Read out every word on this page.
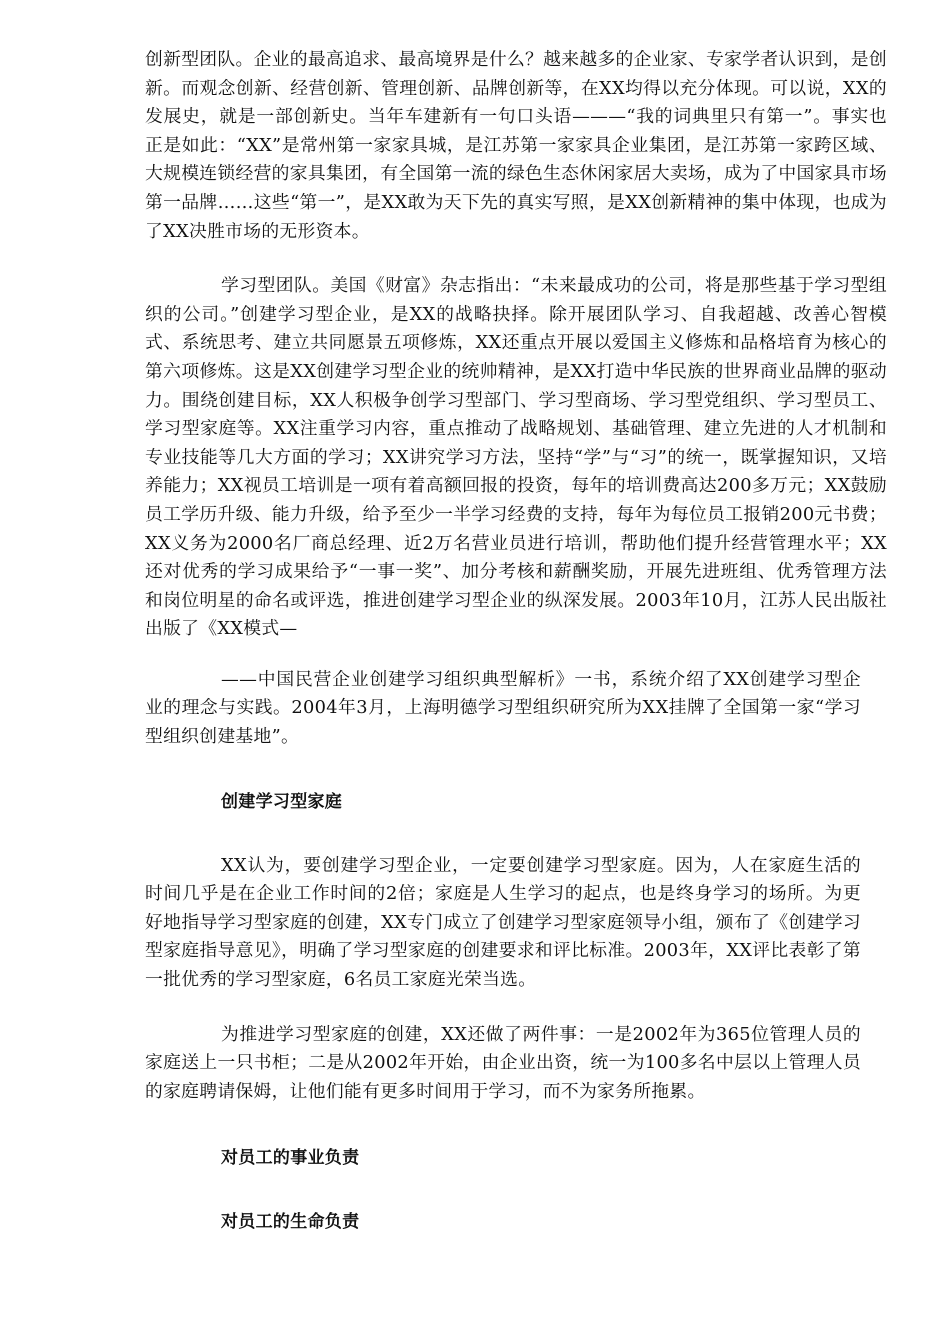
创新型团队。企业的最高追求、最高境界是什么？越来越多的企业家、专家学者认识到，是创新。而观念创新、经营创新、管理创新、品牌创新等，在XX均得以充分体现。可以说，XX的发展史，就是一部创新史。当年车建新有一句口头语———“我的词典里只有第一”。事实也正是如此：“XX”是常州第一家家具城，是江苏第一家家具企业集团，是江苏第一家跨区域、大规模连锁经营的家具集团，有全国第一流的绿色生态休闲家居大卖场，成为了中国家具市场第一品牌……这些“第一”，是XX敢为天下先的真实写照，是XX创新精神的集中体现，也成为了XX决胜市场的无形资本。

学习型团队。美国《财富》杂志指出：“未来最成功的公司，将是那些基于学习型组织的公司。”创建学习型企业，是XX的战略抉择。除开展团队学习、自我超越、改善心智模式、系统思考、建立共同愿景五项修炼，XX还重点开展以爱国主义修炼和品格培育为核心的第六项修炼。这是XX创建学习型企业的统帅精神，是XX打造中华民族的世界商业品牌的驱动力。围绕创建目标，XX人积极争创学习型部门、学习型商场、学习型党组织、学习型员工、学习型家庭等。XX注重学习内容，重点推动了战略规划、基础管理、建立先进的人才机制和专业技能等几大方面的学习；XX讲究学习方法，坚持“学”与“习”的统一，既掌握知识，又培养能力；XX视员工培训是一项有着高额回报的投资，每年的培训费高达200多万元；XX鼓励员工学历升级、能力升级，给予至少一半学习经费的支持，每年为每位员工报销200元书费；XX义务为2000名厂商总经理、近2万名营业员进行培训，帮助他们提升经营管理水平；XX还对优秀的学习成果给予“一事一奖”、加分考核和薪酬奖励，开展先进班组、优秀管理方法和岗位明星的命名或评选，推进创建学习型企业的纵深发展。2003年10月，江苏人民出版社出版了《XX模式—

——中国民营企业创建学习组织典型解析》一书，系统介绍了XX创建学习型企业的理念与实践。2004年3月，上海明德学习型组织研究所为XX挂牌了全国第一家“学习型组织创建基地”。

创建学习型家庭

XX认为，要创建学习型企业，一定要创建学习型家庭。因为，人在家庭生活的时间几乎是在企业工作时间的2倍；家庭是人生学习的起点，也是终身学习的场所。为更好地指导学习型家庭的创建，XX专门成立了创建学习型家庭领导小组，颁布了《创建学习型家庭指导意见》，明确了学习型家庭的创建要求和评比标准。2003年，XX评比表彰了第一批优秀的学习型家庭，6名员工家庭光荣当选。

为推进学习型家庭的创建，XX还做了两件事：一是2002年为365位管理人员的家庭送上一只书柜；二是从2002年开始，由企业出资，统一为100多名中层以上管理人员的家庭聘请保姆，让他们能有更多时间用于学习，而不为家务所拖累。

对员工的事业负责
对员工的生命负责
